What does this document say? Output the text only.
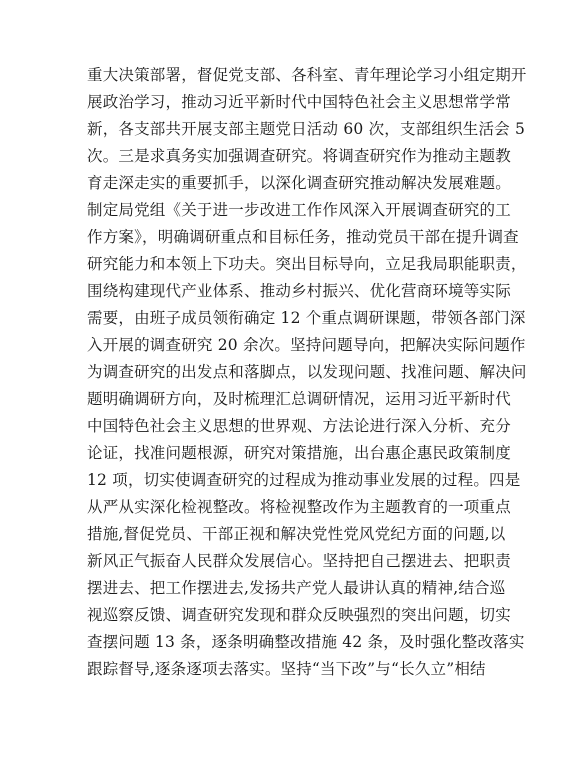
重大决策部署，督促党支部、各科室、青年理论学习小组定期开
展政治学习，推动习近平新时代中国特色社会主义思想常学常
新，各支部共开展支部主题党日活动 60 次，支部组织生活会 5
次。三是求真务实加强调查研究。将调查研究作为推动主题教
育走深走实的重要抓手，以深化调查研究推动解决发展难题。
制定局党组《关于进一步改进工作作风深入开展调查研究的工
作方案》，明确调研重点和目标任务，推动党员干部在提升调查
研究能力和本领上下功夫。突出目标导向，立足我局职能职责，
围绕构建现代产业体系、推动乡村振兴、优化营商环境等实际
需要，由班子成员领衔确定 12 个重点调研课题，带领各部门深
入开展的调查研究 20 余次。坚持问题导向，把解决实际问题作
为调查研究的出发点和落脚点，以发现问题、找准问题、解决问
题明确调研方向，及时梳理汇总调研情况，运用习近平新时代
中国特色社会主义思想的世界观、方法论进行深入分析、充分
论证，找准问题根源，研究对策措施，出台惠企惠民政策制度
12 项，切实使调查研究的过程成为推动事业发展的过程。四是
从严从实深化检视整改。将检视整改作为主题教育的一项重点
措施,督促党员、干部正视和解决党性党风党纪方面的问题,以
新风正气振奋人民群众发展信心。坚持把自己摆进去、把职责
摆进去、把工作摆进去,发扬共产党人最讲认真的精神,结合巡
视巡察反馈、调查研究发现和群众反映强烈的突出问题，切实
查摆问题 13 条，逐条明确整改措施 42 条，及时强化整改落实
跟踪督导,逐条逐项去落实。坚持“当下改”与“长久立”相结
